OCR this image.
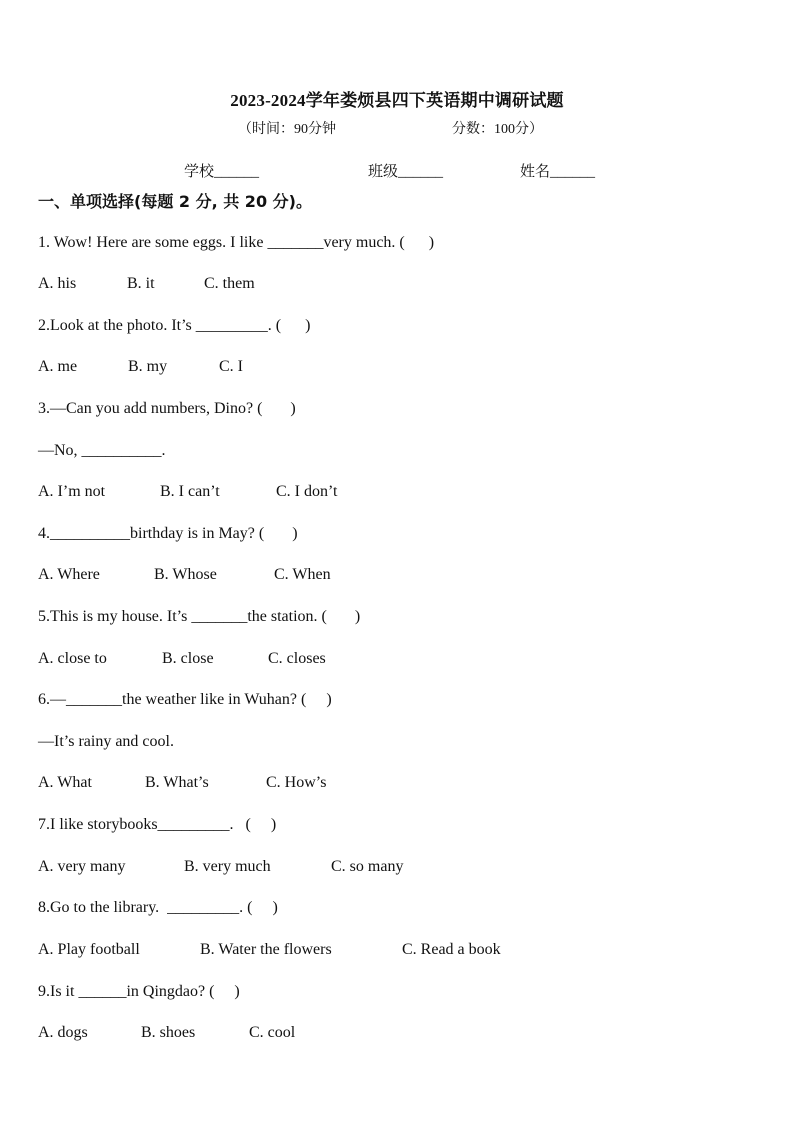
2023-2024学年娄烦县四下英语期中调研试题
（时间：90分钟	分数：100分）
学校______	班级______	姓名______
一、单项选择(每题 2 分, 共 20 分)。
1. Wow! Here are some eggs. I like _______very much. (      )

A. his

	B. it

	C. them

2.Look at the photo. It’s _________. (      )

A. me

	B. my

	C. I

3.—Can you add numbers, Dino? (       )
—No, __________.

A. I’m not

	B. I can’t

	C. I don’t

4.__________birthday is in May? (       )

A. Where

	B. Whose

	C. When

5.This is my house. It’s _______the station. (       )

A. close to

	B. close

	C. closes

6.—_______the weather like in Wuhan? (     )
—It’s rainy and cool.

A. What

	B. What’s

	C. How’s

7.I like storybooks_________.   (     )

A. very many

	B. very much

	C. so many

8.Go to the library.  _________. (     )

A. Play football

	B. Water the flowers

	C. Read a book

9.Is it ______in Qingdao? (     )

A. dogs

	B. shoes

	C. cool
